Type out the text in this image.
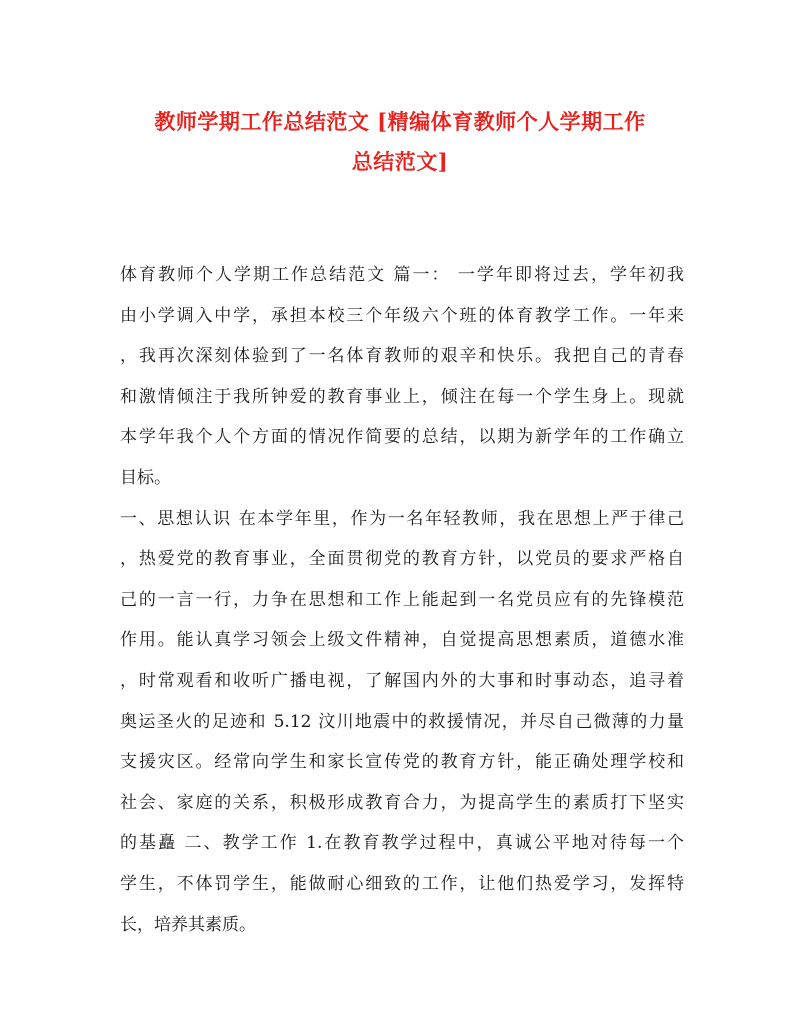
教师学期工作总结范文 [精编体育教师个人学期工作
总结范文]
体育教师个人学期工作总结范文 篇一： 一学年即将过去，学年初我
由小学调入中学，承担本校三个年级六个班的体育教学工作。一年来
，我再次深刻体验到了一名体育教师的艰辛和快乐。我把自己的青春
和激情倾注于我所钟爱的教育事业上，倾注在每一个学生身上。现就
本学年我个人个方面的情况作简要的总结，以期为新学年的工作确立
目标。
一、思想认识 在本学年里，作为一名年轻教师，我在思想上严于律己
，热爱党的教育事业，全面贯彻党的教育方针，以党员的要求严格自
己的一言一行，力争在思想和工作上能起到一名党员应有的先锋模范
作用。能认真学习领会上级文件精神，自觉提高思想素质，道德水准
，时常观看和收听广播电视，了解国内外的大事和时事动态，追寻着
奥运圣火的足迹和 5.12 汶川地震中的救援情况，并尽自己微薄的力量
支援灾区。经常向学生和家长宣传党的教育方针，能正确处理学校和
社会、家庭的关系，积极形成教育合力，为提高学生的素质打下坚实
的基矗 二、教学工作 1.在教育教学过程中，真诚公平地对待每一个
学生，不体罚学生，能做耐心细致的工作，让他们热爱学习，发挥特
长，培养其素质。
